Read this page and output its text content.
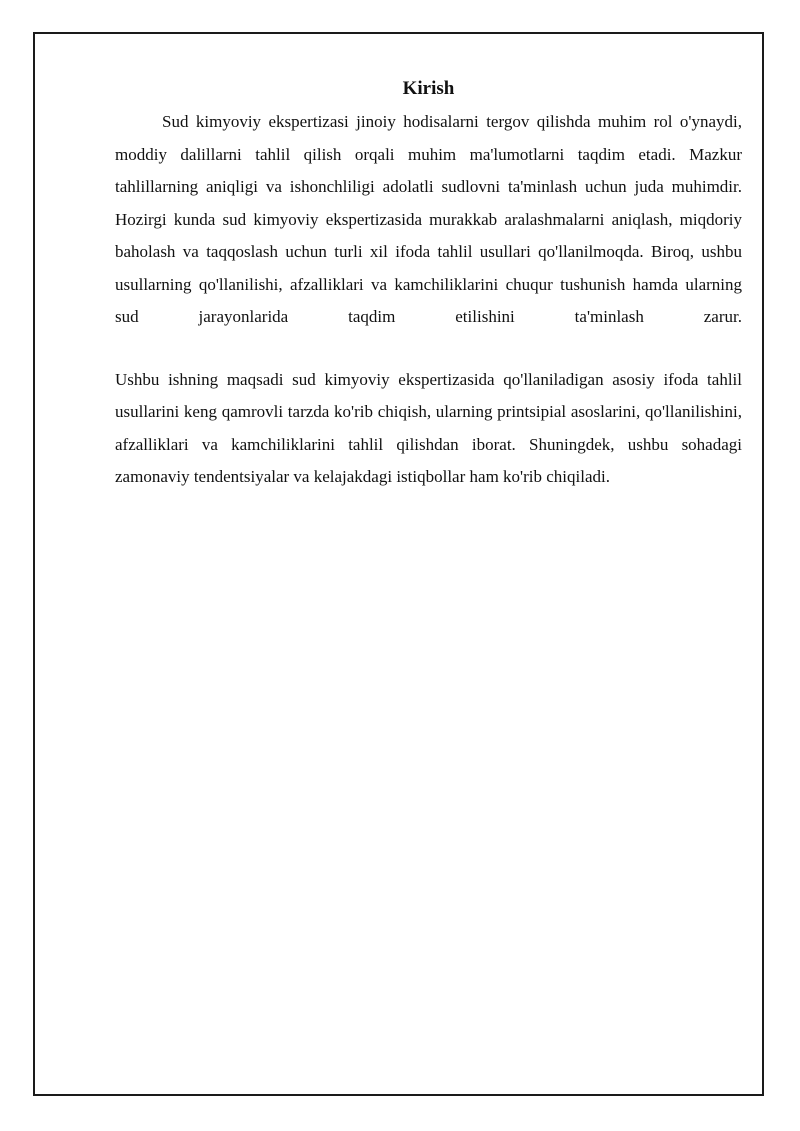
Kirish

Sud kimyoviy ekspertizasi jinoiy hodisalarni tergov qilishda muhim rol o'ynaydi, moddiy dalillarni tahlil qilish orqali muhim ma'lumotlarni taqdim etadi. Mazkur tahlillarning aniqligi va ishonchliligi adolatli sudlovni ta'minlash uchun juda muhimdir. Hozirgi kunda sud kimyoviy ekspertizasida murakkab aralashmalarni aniqlash, miqdoriy baholash va taqqoslash uchun turli xil ifoda tahlil usullari qo'llanilmoqda. Biroq, ushbu usullarning qo'llanilishi, afzalliklari va kamchiliklarini chuqur tushunish hamda ularning sud jarayonlarida taqdim etilishini ta'minlash zarur.

Ushbu ishning maqsadi sud kimyoviy ekspertizasida qo'llaniladigan asosiy ifoda tahlil usullarini keng qamrovli tarzda ko'rib chiqish, ularning printsipial asoslarini, qo'llanilishini, afzalliklari va kamchiliklarini tahlil qilishdan iborat. Shuningdek, ushbu sohadagi zamonaviy tendentsiyalar va kelajakdagi istiqbollar ham ko'rib chiqiladi.
